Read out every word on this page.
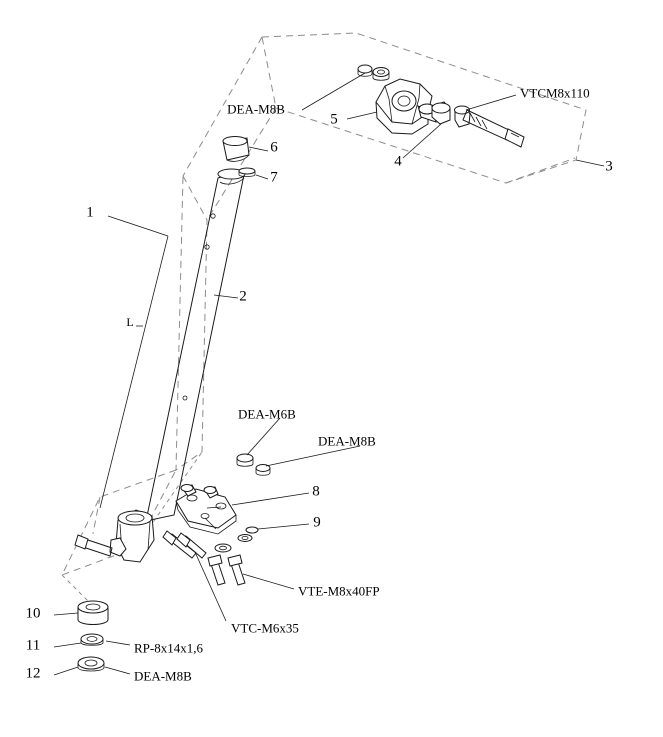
1
2
3
4
5
6
7
8
9
10
11
12
DEA-M8B
VTCM8x110
DEA-M6B
DEA-M8B
VTE-M8x40FP
VTC-M6x35
RP-8x14x1,6
DEA-M8B
L
